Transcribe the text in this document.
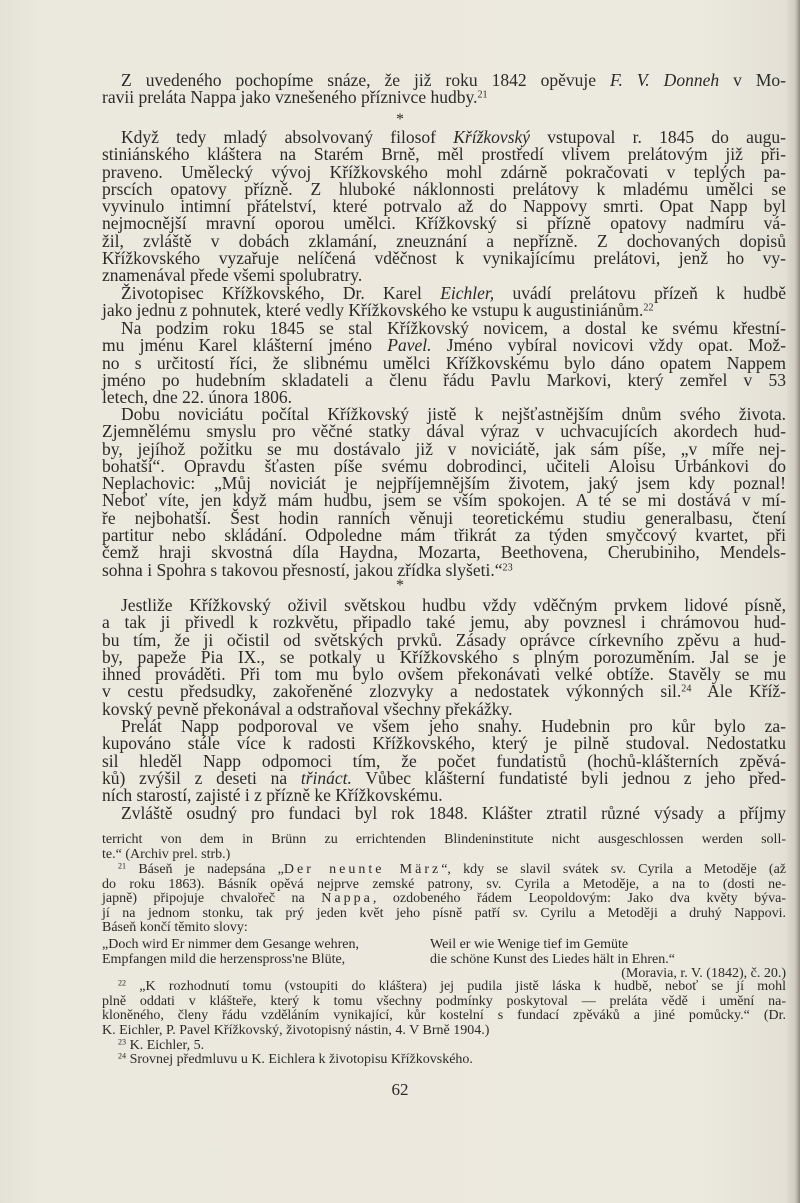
Z uvedeného pochopíme snáze, že již roku 1842 opěvuje F. V. Donneh v Mo-
ravii preláta Nappa jako vznešeného příznivce hudby.$^{21}$
*
Když tedy mladý absolvovaný filosof Křížkovský vstupoval r. 1845 do augu-
stiniánského kláštera na Starém Brně, měl prostředí vlivem prelátovým již při-
praveno. Umělecký vývoj Křížkovského mohl zdárně pokračovati v teplých pa-
prscích opatovy přízně. Z hluboké náklonnosti prelátovy k mladému umělci se
vyvinulo intimní přátelství, které potrvalo až do Nappovy smrti. Opat Napp byl
nejmocnější mravní oporou umělci. Křížkovský si přízně opatovy nadmíru vá-
žil, zvláště v dobách zklamání, zneuznání a nepřízně. Z dochovaných dopisů
Křížkovského vyzařuje nelíčená vděčnost k vynikajícímu prelátovi, jenž ho vy-
znamenával přede všemi spolubratry.
Životopisec Křížkovského, Dr. Karel Eichler, uvádí prelátovu přízeň k hudbě
jako jednu z pohnutek, které vedly Křížkovského ke vstupu k augustiniánům.$^{22}$
Na podzim roku 1845 se stal Křížkovský novicem, a dostal ke svému křestní-
mu jménu Karel klášterní jméno Pavel. Jméno vybíral novicovi vždy opat. Mož-
no s určitostí říci, že slibnému umělci Křížkovskému bylo dáno opatem Nappem
jméno po hudebním skladateli a členu řádu Pavlu Markovi, který zemřel v 53
letech, dne 22. února 1806.
Dobu noviciátu počítal Křížkovský jistě k nejšťastnějším dnům svého života.
Zjemnělému smyslu pro věčné statky dával výraz v uchvacujících akordech hud-
by, jejíhož požitku se mu dostávalo již v noviciátě, jak sám píše, „v míře nej-
bohatší“. Opravdu šťasten píše svému dobrodinci, učiteli Aloisu Urbánkovi do
Neplachovic: „Můj noviciát je nejpříjemnějším životem, jaký jsem kdy poznal!
Neboť víte, jen když mám hudbu, jsem se vším spokojen. A té se mi dostává v mí-
ře nejbohatší. Šest hodin ranních věnuji teoretickému studiu generalbasu, čtení
partitur nebo skládání. Odpoledne mám třikrát za týden smyčcový kvartet, při
čemž hraji skvostná díla Haydna, Mozarta, Beethovena, Cherubiniho, Mendels-
sohna i Spohra s takovou přesností, jakou zřídka slyšeti.“$^{23}$
*
Jestliže Křížkovský oživil světskou hudbu vždy vděčným prvkem lidové písně,
a tak ji přivedl k rozkvětu, připadlo také jemu, aby povznesl i chrámovou hud-
bu tím, že ji očistil od světských prvků. Zásady oprávce církevního zpěvu a hud-
by, papeže Pia IX., se potkaly u Křížkovského s plným porozuměním. Jal se je
ihned prováděti. Při tom mu bylo ovšem překonávati velké obtíže. Stavěly se mu
v cestu předsudky, zakořeněné zlozvyky a nedostatek výkonných sil.$^{24}$ Ale Kříž-
kovský pevně překonával a odstraňoval všechny překážky.
Prelát Napp podporoval ve všem jeho snahy. Hudebnin pro kůr bylo za-
kupováno stále více k radosti Křížkovského, který je pilně studoval. Nedostatku
sil hleděl Napp odpomoci tím, že počet fundatistů (hochů-klášterních zpěvá-
ků) zvýšil z deseti na třináct. Vůbec klášterní fundatisté byli jednou z jeho před-
ních starostí, zajisté i z přízně ke Křížkovskému.
Zvláště osudný pro fundaci byl rok 1848. Klášter ztratil různé výsady a příjmy
terricht von dem in Brünn zu errichtenden Blindeninstitute nicht ausgeschlossen werden soll-
te.“ (Archiv prel. strb.)
$^{21}$ Báseň je nadepsána „Der neunte März“, kdy se slavil svátek sv. Cyrila a Metoděje (až
do roku 1863). Básník opěvá nejprve zemské patrony, sv. Cyrila a Metoděje, a na to (dosti ne-
japně) připojuje chvalořeč na Nappa, ozdobeného řádem Leopoldovým: Jako dva květy býva-
jí na jednom stonku, tak prý jeden květ jeho písně patří sv. Cyrilu a Metoději a druhý Nappovi.
Báseň končí těmito slovy:
„Doch wird Er nimmer dem Gesange wehren,
Empfangen mild die herzenspross'ne Blüte,
Weil er wie Wenige tief im Gemüte
die schöne Kunst des Liedes hält in Ehren.“
(Moravia, r. V. (1842), č. 20.)
$^{22}$ „K rozhodnutí tomu (vstoupiti do kláštera) jej pudila jistě láska k hudbě, neboť se jí mohl
plně oddati v klášteře, který k tomu všechny podmínky poskytoval — preláta vědě i umění na-
kloněného, členy řádu vzděláním vynikající, kůr kostelní s fundací zpěváků a jiné pomůcky.“ (Dr.
K. Eichler, P. Pavel Křížkovský, životopisný nástin, 4. V Brně 1904.)
$^{23}$ K. Eichler, 5.
$^{24}$ Srovnej předmluvu u K. Eichlera k životopisu Křížkovského.
62
